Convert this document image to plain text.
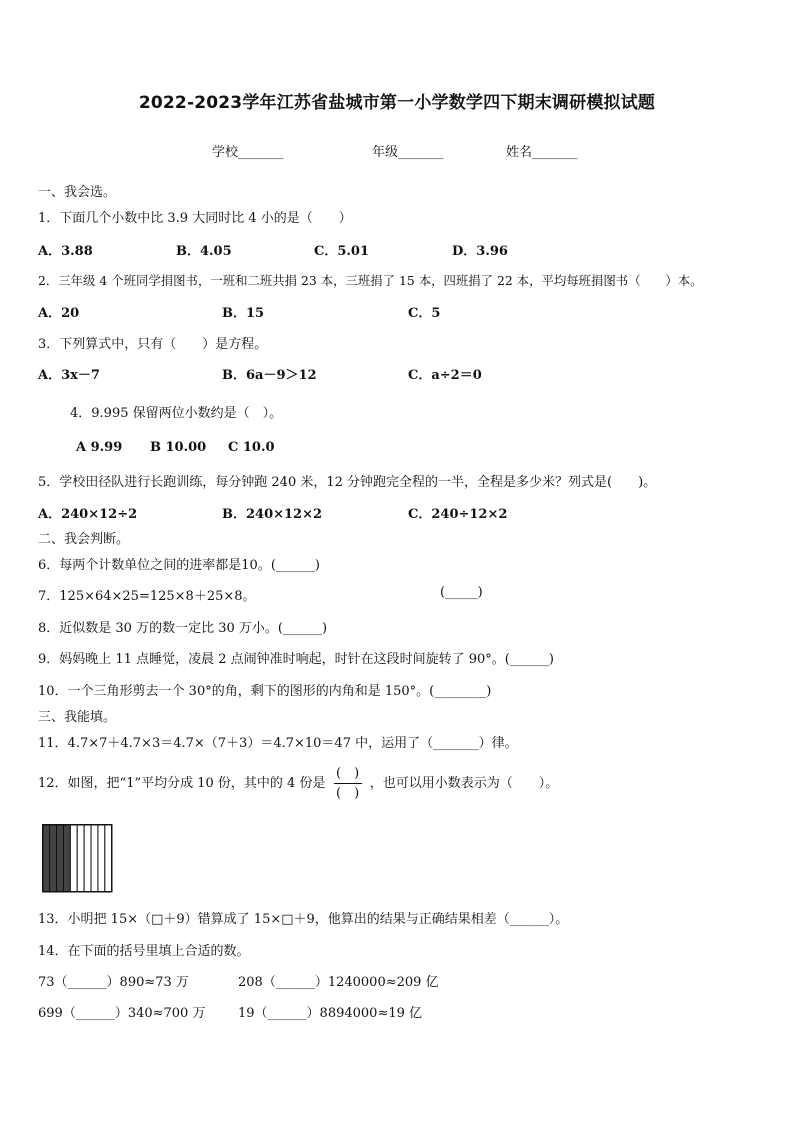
2022-2023学年江苏省盐城市第一小学数学四下期末调研模拟试题
学校_______	年级_______	姓名_______
一、我会选。
1．下面几个小数中比 3.9 大同时比 4 小的是（　　）
A．3.88	B．4.05	C．5.01	D．3.96
2．三年级 4 个班同学捐图书，一班和二班共捐 23 本，三班捐了 15 本，四班捐了 22 本，平均每班捐图书（　　）本。
A．20	B．15	C．5
3．下列算式中，只有（　　）是方程。
A．3x－7	B．6a－9＞12	C．a÷2＝0
4．9.995 保留两位小数约是（　）。
A 9.99 B 10.00 C 10.0
5．学校田径队进行长跑训练，每分钟跑 240 米，12 分钟跑完全程的一半，全程是多少米？列式是(　　)。
A．240×12÷2	B．240×12×2	C．240÷12×2
二、我会判断。
6．每两个计数单位之间的进率都是10。(______)
7．125×64×25=125×8＋25×8。	(_____)
8．近似数是 30 万的数一定比 30 万小。(______)
9．妈妈晚上 11 点睡觉，凌晨 2 点闹钟准时响起，时针在这段时间旋转了 90°。(______)
10．一个三角形剪去一个 30°的角，剩下的图形的内角和是 150°。(________)
三、我能填。
11．4.7×7＋4.7×3＝4.7×（7＋3）＝4.7×10＝47 中，运用了（_______）律。
12．如图，把“1”平均分成 10 份，其中的 4 份是 $\frac{( )}{( )}$ ，也可以用小数表示为（　　）。
13．小明把 15×（□＋9）错算成了 15×□＋9，他算出的结果与正确结果相差（______）。
14．在下面的括号里填上合适的数。
73（______）890≈73 万	208（______）1240000≈209 亿
699（______）340≈700 万	19（______）8894000≈19 亿
